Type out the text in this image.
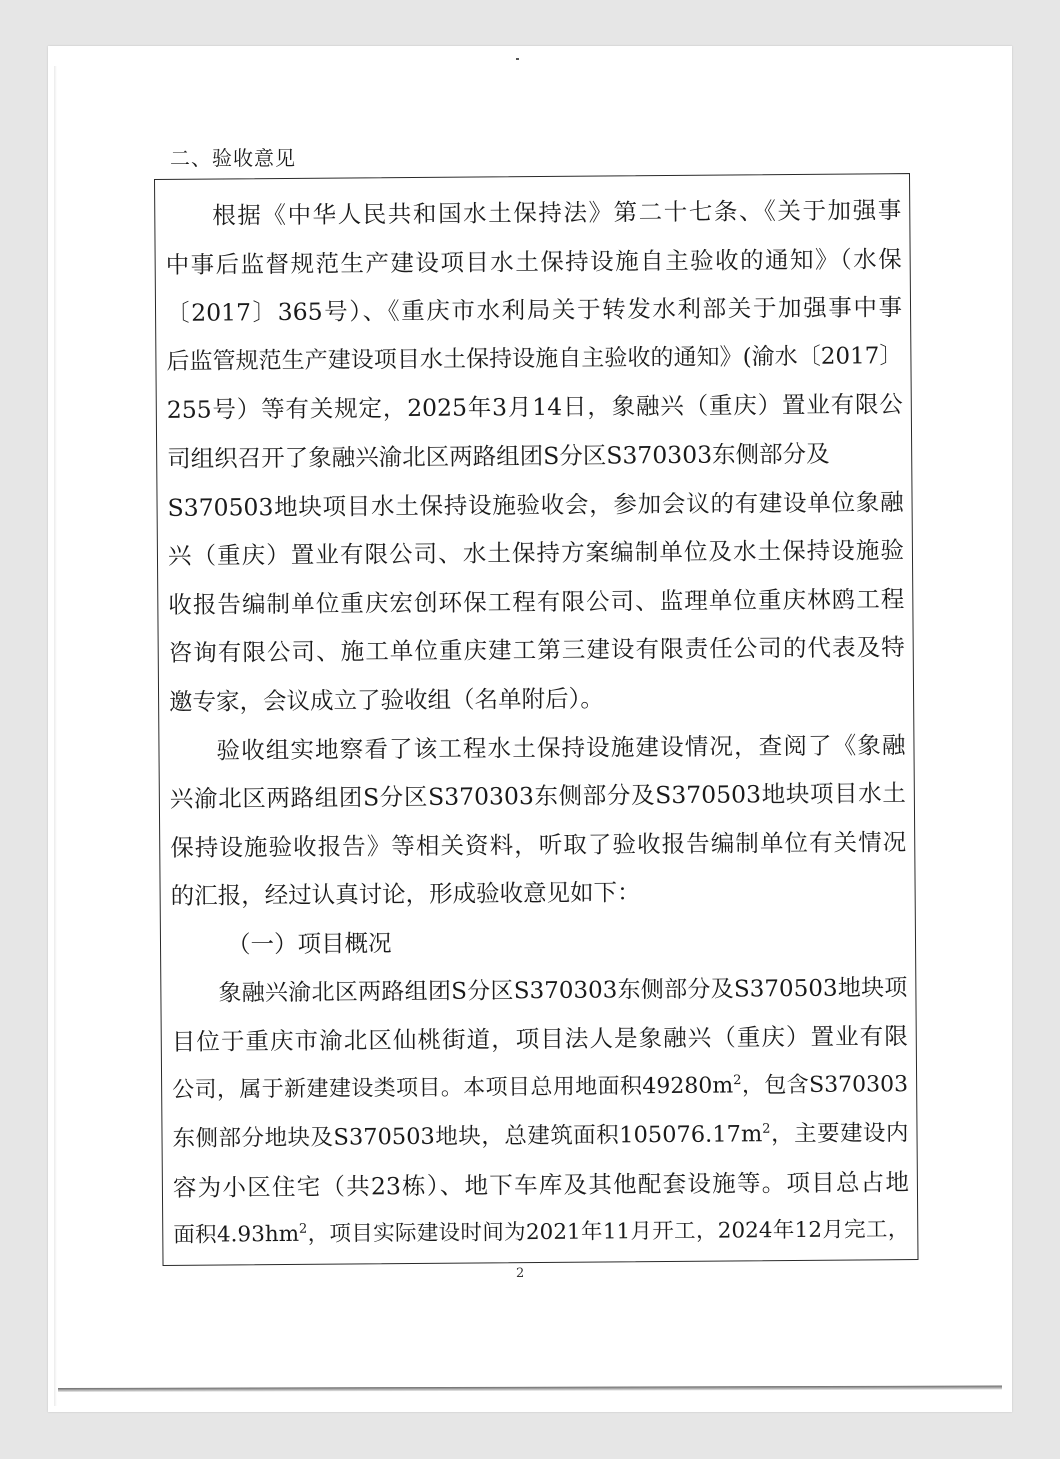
二、验收意见
根据《中华人民共和国水土保持法》第二十七条、《关于加强事
中事后监督规范生产建设项目水土保持设施自主验收的通知》（水保
〔2017〕365号）、《重庆市水利局关于转发水利部关于加强事中事
后监管规范生产建设项目水土保持设施自主验收的通知》(渝水〔2017〕
255号）等有关规定，2025年3月14日，象融兴（重庆）置业有限公
司组织召开了象融兴渝北区两路组团S分区S370303东侧部分及
S370503地块项目水土保持设施验收会，参加会议的有建设单位象融
兴（重庆）置业有限公司、水土保持方案编制单位及水土保持设施验
收报告编制单位重庆宏创环保工程有限公司、监理单位重庆林鸥工程
咨询有限公司、施工单位重庆建工第三建设有限责任公司的代表及特
邀专家，会议成立了验收组（名单附后）。
验收组实地察看了该工程水土保持设施建设情况，查阅了《象融
兴渝北区两路组团S分区S370303东侧部分及S370503地块项目水土
保持设施验收报告》等相关资料，听取了验收报告编制单位有关情况
的汇报，经过认真讨论，形成验收意见如下：
（一）项目概况
象融兴渝北区两路组团S分区S370303东侧部分及S370503地块项
目位于重庆市渝北区仙桃街道，项目法人是象融兴（重庆）置业有限
公司，属于新建建设类项目。本项目总用地面积$49280m^2$，包含S370303
东侧部分地块及S370503地块，总建筑面积$105076.17m^2$，主要建设内
容为小区住宅（共23栋）、地下车库及其他配套设施等。项目总占地
面积$4.93hm^2$，项目实际建设时间为2021年11月开工，2024年12月完工，
2
